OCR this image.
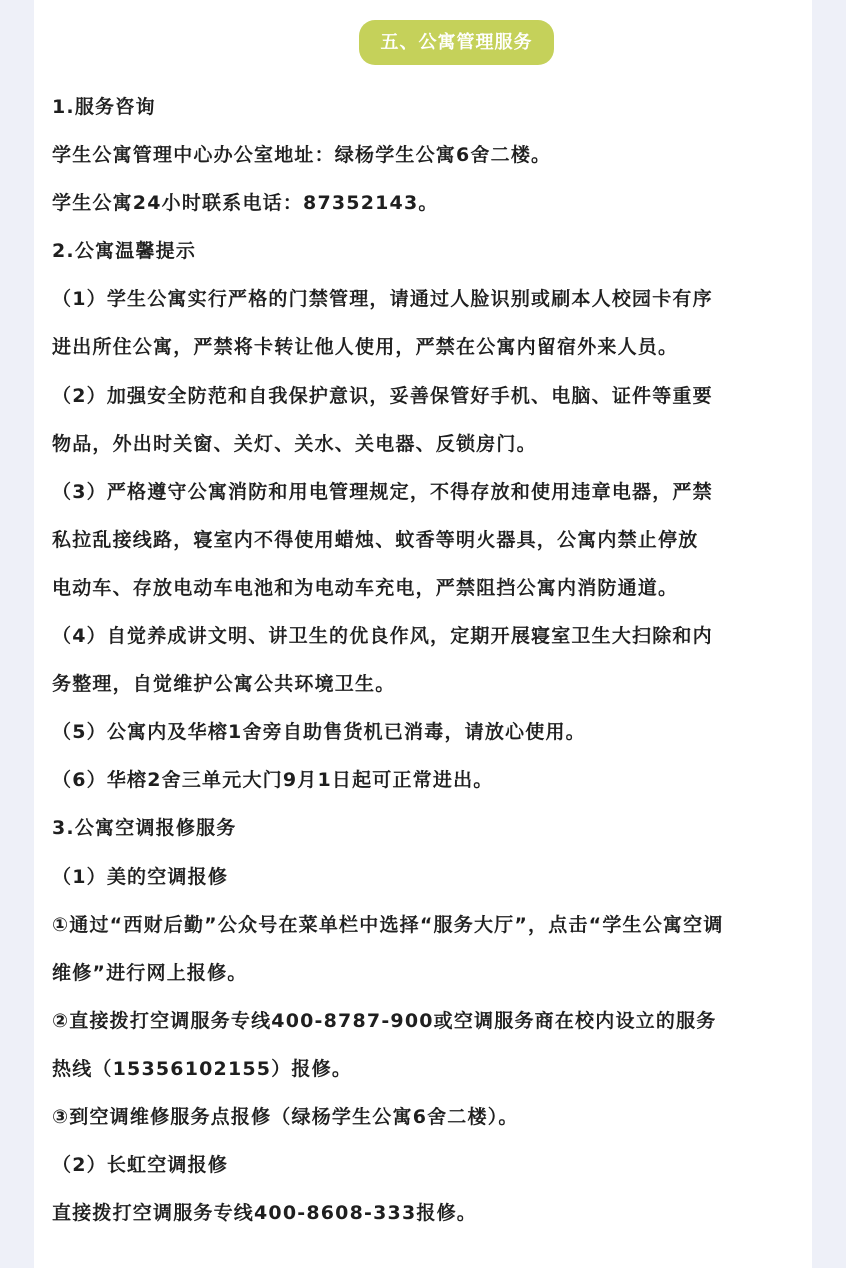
五、公寓管理服务
1.服务咨询
学生公寓管理中心办公室地址：绿杨学生公寓6舍二楼。
学生公寓24小时联系电话：87352143。
2.公寓温馨提示
（1）学生公寓实行严格的门禁管理，请通过人脸识别或刷本人校园卡有序
进出所住公寓，严禁将卡转让他人使用，严禁在公寓内留宿外来人员。
（2）加强安全防范和自我保护意识，妥善保管好手机、电脑、证件等重要
物品，外出时关窗、关灯、关水、关电器、反锁房门。
（3）严格遵守公寓消防和用电管理规定，不得存放和使用违章电器，严禁
私拉乱接线路，寝室内不得使用蜡烛、蚊香等明火器具，公寓内禁止停放
电动车、存放电动车电池和为电动车充电，严禁阻挡公寓内消防通道。
（4）自觉养成讲文明、讲卫生的优良作风，定期开展寝室卫生大扫除和内
务整理，自觉维护公寓公共环境卫生。
（5）公寓内及华榕1舍旁自助售货机已消毒，请放心使用。
（6）华榕2舍三单元大门9月1日起可正常进出。
3.公寓空调报修服务
（1）美的空调报修
①通过“西财后勤”公众号在菜单栏中选择“服务大厅”，点击“学生公寓空调
维修”进行网上报修。
②直接拨打空调服务专线400-8787-900或空调服务商在校内设立的服务
热线（15356102155）报修。
③到空调维修服务点报修（绿杨学生公寓6舍二楼）。
（2）长虹空调报修
直接拨打空调服务专线400-8608-333报修。
